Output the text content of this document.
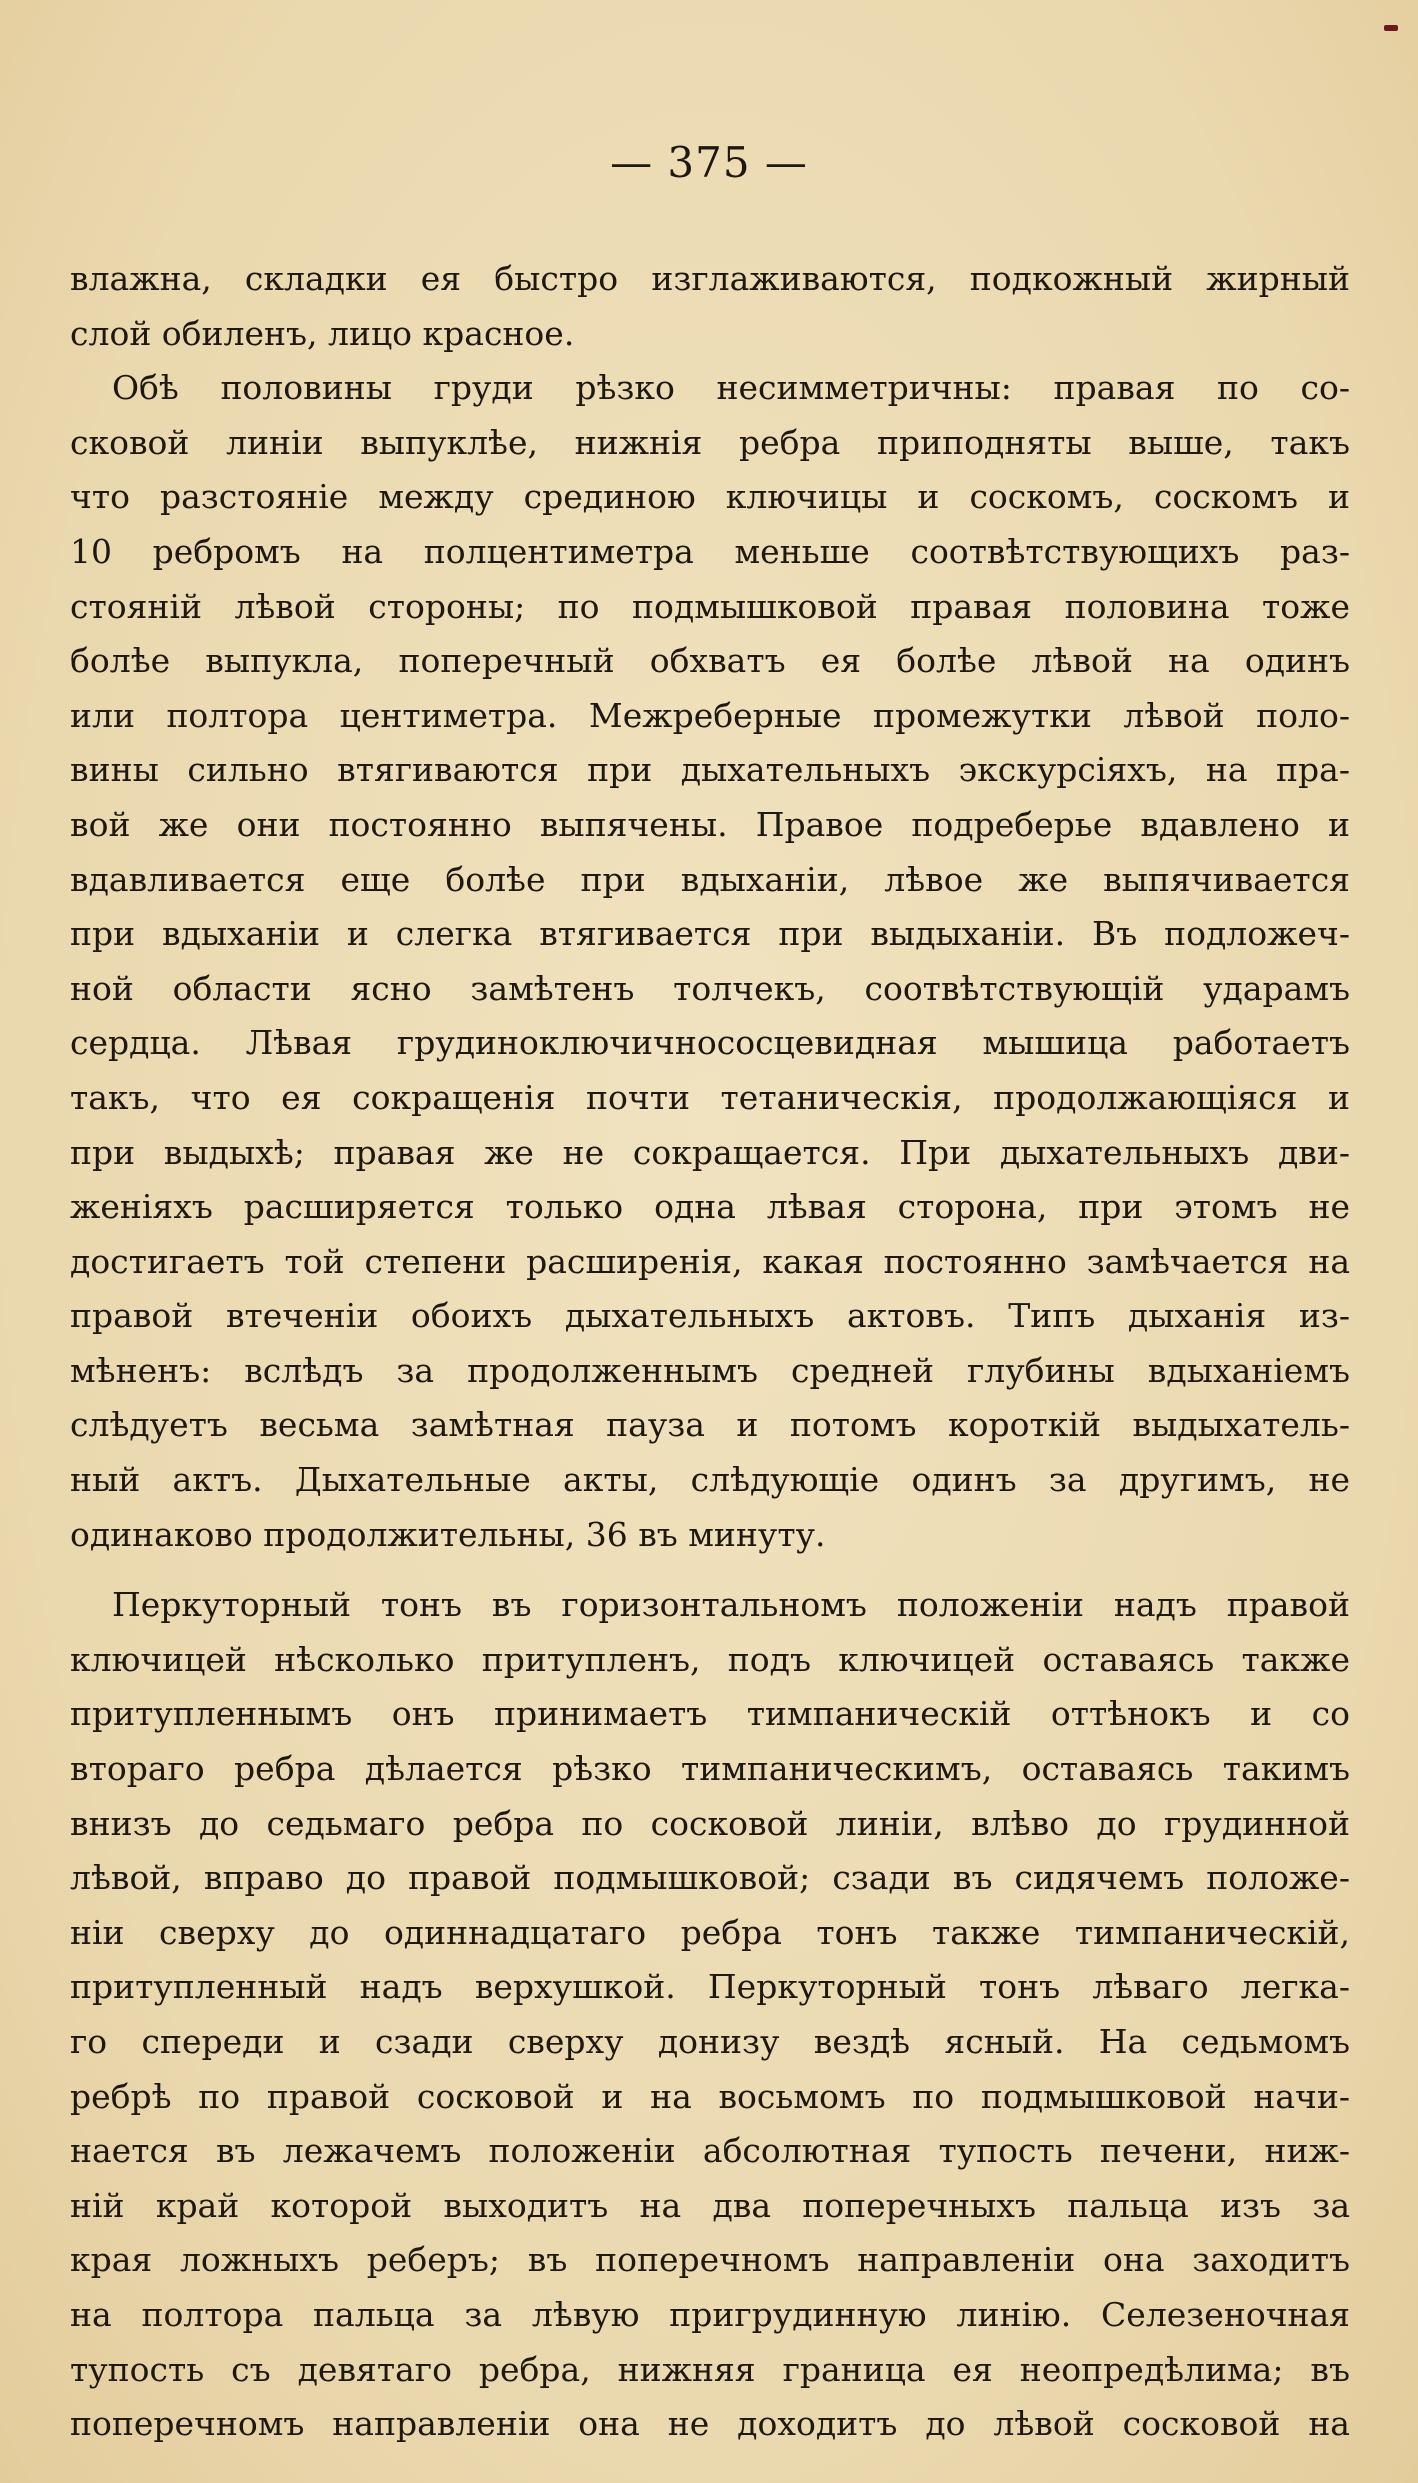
— 375 —
влажна, складки ея быстро изглаживаются, подкожный жирный
слой обиленъ, лицо красное.
Обѣ половины груди рѣзко несимметричны: правая по со-
сковой линіи выпуклѣе, нижнія ребра приподняты выше, такъ
что разстояніе между срединою ключицы и соскомъ, соскомъ и
10 ребромъ на полцентиметра меньше соотвѣтствующихъ раз-
стояній лѣвой стороны; по подмышковой правая половина тоже
болѣе выпукла, поперечный обхватъ ея болѣе лѣвой на одинъ
или полтора центиметра. Межреберные промежутки лѣвой поло-
вины сильно втягиваются при дыхательныхъ экскурсіяхъ, на пра-
вой же они постоянно выпячены. Правое подреберье вдавлено и
вдавливается еще болѣе при вдыханіи, лѣвое же выпячивается
при вдыханіи и слегка втягивается при выдыханіи. Въ подложеч-
ной области ясно замѣтенъ толчекъ, соотвѣтствующій ударамъ
сердца. Лѣвая грудиноключичнососцевидная мышица работаетъ
такъ, что ея сокращенія почти тетаническія, продолжающіяся и
при выдыхѣ; правая же не сокращается. При дыхательныхъ дви-
женіяхъ расширяется только одна лѣвая сторона, при этомъ не
достигаетъ той степени расширенія, какая постоянно замѣчается на
правой втеченіи обоихъ дыхательныхъ актовъ. Типъ дыханія из-
мѣненъ: вслѣдъ за продолженнымъ средней глубины вдыханіемъ
слѣдуетъ весьма замѣтная пауза и потомъ короткій выдыхатель-
ный актъ. Дыхательные акты, слѣдующіе одинъ за другимъ, не
одинаково продолжительны, 36 въ минуту.
Перкуторный тонъ въ горизонтальномъ положеніи надъ правой
ключицей нѣсколько притупленъ, подъ ключицей оставаясь также
притупленнымъ онъ принимаетъ тимпаническій оттѣнокъ и со
втораго ребра дѣлается рѣзко тимпаническимъ, оставаясь такимъ
внизъ до седьмаго ребра по сосковой линіи, влѣво до грудинной
лѣвой, вправо до правой подмышковой; сзади въ сидячемъ положе-
ніи сверху до одиннадцатаго ребра тонъ также тимпаническій,
притупленный надъ верхушкой. Перкуторный тонъ лѣваго легка-
го спереди и сзади сверху донизу вездѣ ясный. На седьмомъ
ребрѣ по правой сосковой и на восьмомъ по подмышковой начи-
нается въ лежачемъ положеніи абсолютная тупость печени, ниж-
ній край которой выходитъ на два поперечныхъ пальца изъ за
края ложныхъ реберъ; въ поперечномъ направленіи она заходитъ
на полтора пальца за лѣвую пригрудинную линію. Селезеночная
тупость съ девятаго ребра, нижняя граница ея неопредѣлима; въ
поперечномъ направленіи она не доходитъ до лѣвой сосковой на
